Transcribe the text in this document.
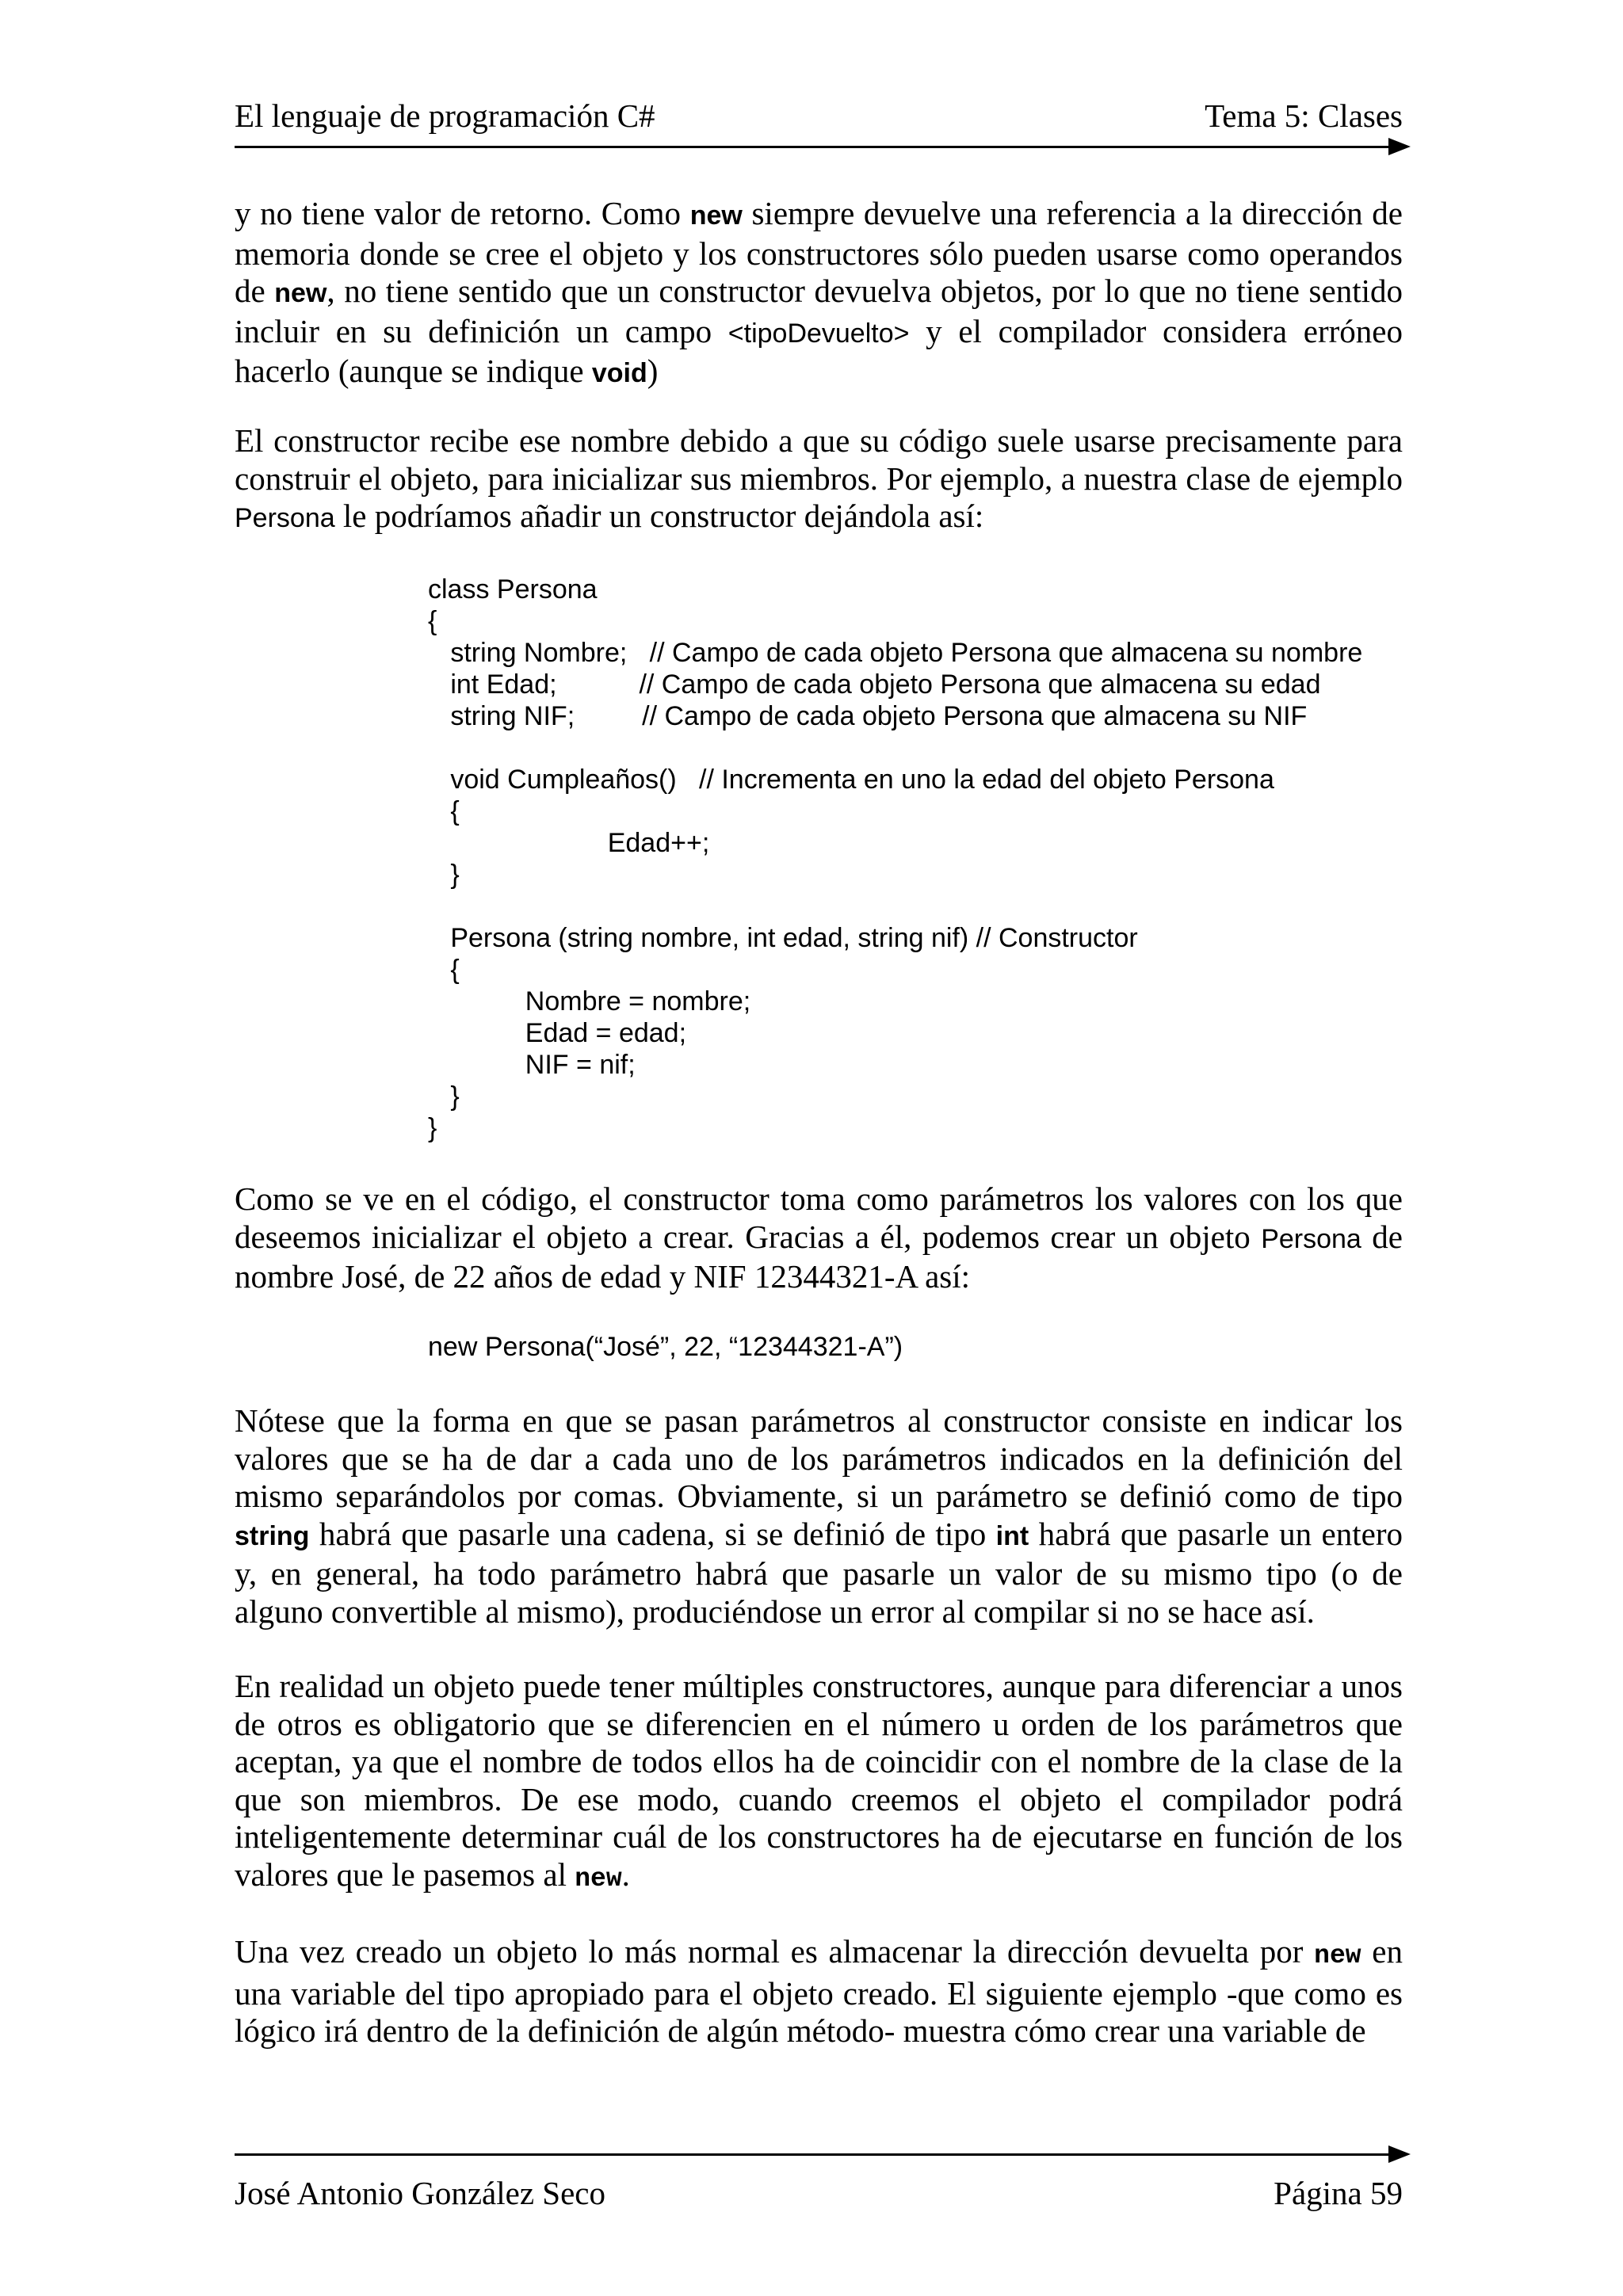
El lenguaje de programación C#	Tema 5: Clases

y no tiene valor de retorno. Como new siempre devuelve una referencia a la dirección de memoria donde se cree el objeto y los constructores sólo pueden usarse como operandos de new, no tiene sentido que un constructor devuelva objetos, por lo que no tiene sentido incluir en su definición un campo <tipoDevuelto> y el compilador considera erróneo hacerlo (aunque se indique void)

El constructor recibe ese nombre debido a que su código suele usarse precisamente para construir el objeto, para inicializar sus miembros. Por ejemplo, a nuestra clase de ejemplo Persona le podríamos añadir un constructor dejándola así:

class Persona

{

string Nombre;   // Campo de cada objeto Persona que almacena su nombre

int Edad;           // Campo de cada objeto Persona que almacena su edad

string NIF;         // Campo de cada objeto Persona que almacena su NIF

void Cumpleaños()   // Incrementa en uno la edad del objeto Persona

{

Edad++;

}

Persona (string nombre, int edad, string nif) // Constructor

{

Nombre = nombre;

Edad = edad;

NIF = nif;

}

}

Como se ve en el código, el constructor toma como parámetros los valores con los que deseemos inicializar el objeto a crear. Gracias a él, podemos crear un objeto Persona de nombre José, de 22 años de edad y NIF 12344321-A así:

new Persona(“José”, 22, “12344321-A”)

Nótese que la forma en que se pasan parámetros al constructor consiste en indicar los valores que se ha de dar a cada uno de los parámetros indicados en la definición del mismo separándolos por comas. Obviamente, si un parámetro se definió como de tipo string habrá que pasarle una cadena, si se definió de tipo int habrá que pasarle un entero y, en general, ha todo parámetro habrá que pasarle un valor de su mismo tipo (o de alguno convertible al mismo), produciéndose un error al compilar si no se hace así.

En realidad un objeto puede tener múltiples constructores, aunque para diferenciar a unos de otros es obligatorio que se diferencien en el número u orden de los parámetros que aceptan, ya que el nombre de todos ellos ha de coincidir con el nombre de la clase de la que son miembros. De ese modo, cuando creemos el objeto el compilador podrá inteligentemente determinar cuál de los constructores ha de ejecutarse en función de los valores que le pasemos al new.

Una vez creado un objeto lo más normal es almacenar la dirección devuelta por new en una variable del tipo apropiado para el objeto creado. El siguiente ejemplo -que como es lógico irá dentro de la definición de algún método- muestra cómo crear una variable de

José Antonio González Seco	Página 59
